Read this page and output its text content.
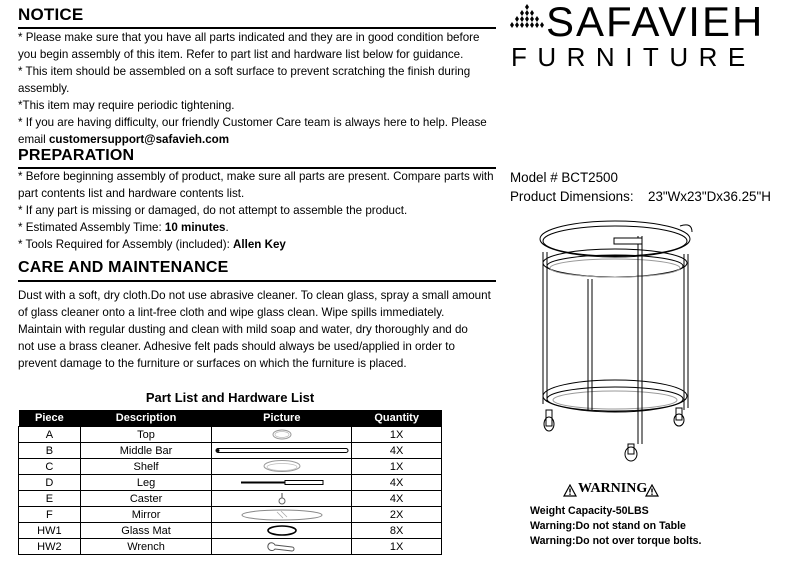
NOTICE
* Please make sure that you have all parts indicated and they are in good condition before
you begin assembly of this item. Refer to part list and hardware list below for guidance.
* This item should be assembled on a soft surface to prevent scratching the finish during
assembly.
*This item may require periodic tightening.
* If you are having difficulty, our friendly Customer Care team is always here to help. Please
email customersupport@safavieh.com
PREPARATION
* Before beginning assembly of product, make sure all parts are present. Compare parts with
part contents list and hardware contents list.
* If any part is missing or damaged, do not attempt to assemble the product.
* Estimated Assembly Time: 10 minutes.
* Tools Required for Assembly (included): Allen Key
CARE AND MAINTENANCE
Dust with a soft, dry cloth.Do not use abrasive cleaner. To clean glass, spray a small amount
of glass cleaner onto a lint-free cloth and wipe glass clean. Wipe spills immediately.
Maintain with regular dusting and clean with mild soap and water, dry thoroughly and do
not use a brass cleaner. Adhesive felt pads should always be used/applied in order to
prevent damage to the furniture or surfaces on which the furniture is placed.
Part List and Hardware List
Piece	Description	Picture	Quantity
A	Top		1X
B	Middle Bar		4X
C	Shelf		1X
D	Leg		4X
E	Caster		4X
F	Mirror		2X
HW1	Glass Mat		8X
HW2	Wrench		1X
SAFAVIEH
FURNITURE
Model # BCT2500
Product Dimensions: 23"Wx23"Dx36.25"H
WARNING
Weight Capacity-50LBS
Warning:Do not stand on Table
Warning:Do not over torque bolts.
